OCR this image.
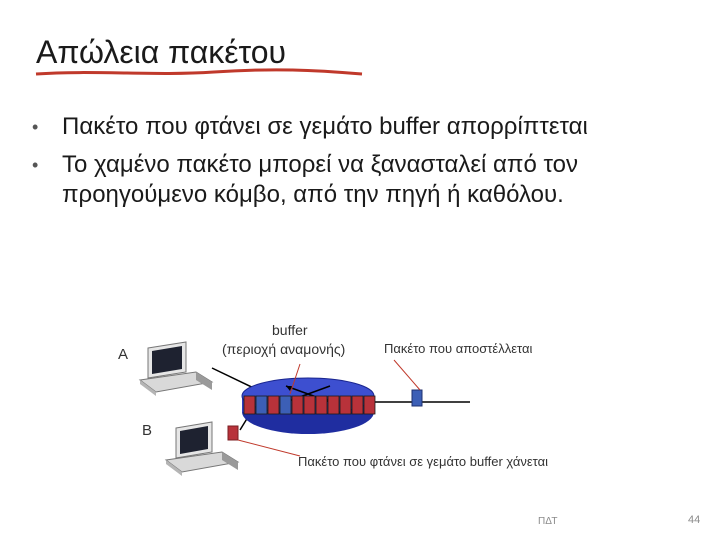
Απώλεια πακέτου
• Πακέτο που φτάνει σε γεμάτο buffer απορρίπτεται
• Το χαμένο πακέτο μπορεί να ξανασταλεί από τον προηγούμενο κόμβο, από την πηγή ή καθόλου.
A
B
buffer
(περιοχή αναμονής)	Πακέτο που αποστέλλεται
Πακέτο που φτάνει σε γεμάτο buffer χάνεται
ΠΔΤ	44
